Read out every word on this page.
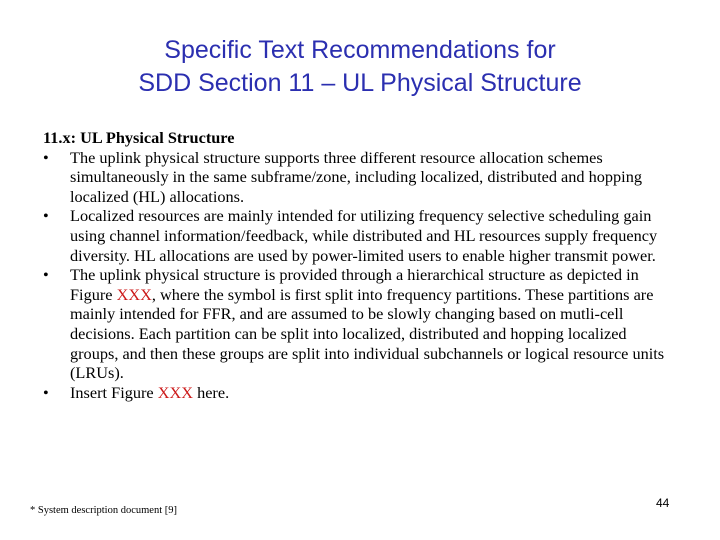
Specific Text Recommendations for
SDD Section 11 – UL Physical Structure
11.x: UL Physical Structure
•	The uplink physical structure supports three different resource allocation schemes simultaneously in the same subframe/zone, including localized, distributed and hopping localized (HL) allocations.
•	Localized resources are mainly intended for utilizing frequency selective scheduling gain using channel information/feedback, while distributed and HL resources supply frequency diversity. HL allocations are used by power-limited users to enable higher transmit power.
•	The uplink physical structure is provided through a hierarchical structure as depicted in Figure XXX, where the symbol is first split into frequency partitions. These partitions are mainly intended for FFR, and are assumed to be slowly changing based on mutli-cell decisions. Each partition can be split into localized, distributed and hopping localized groups, and then these groups are split into individual subchannels or logical resource units (LRUs).
•	Insert Figure XXX here.
* System description document [9]
44
